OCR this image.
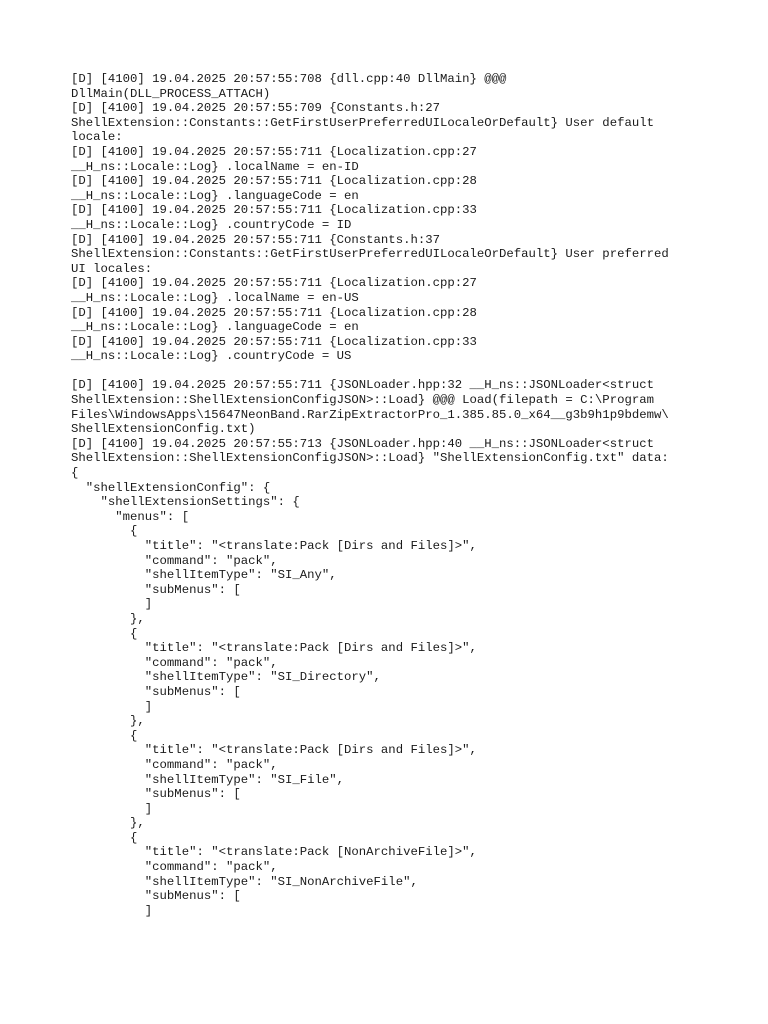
[D] [4100] 19.04.2025 20:57:55:708 {dll.cpp:40 DllMain} @@@
DllMain(DLL_PROCESS_ATTACH)
[D] [4100] 19.04.2025 20:57:55:709 {Constants.h:27
ShellExtension::Constants::GetFirstUserPreferredUILocaleOrDefault} User default
locale:
[D] [4100] 19.04.2025 20:57:55:711 {Localization.cpp:27
__H_ns::Locale::Log} .localName = en-ID
[D] [4100] 19.04.2025 20:57:55:711 {Localization.cpp:28
__H_ns::Locale::Log} .languageCode = en
[D] [4100] 19.04.2025 20:57:55:711 {Localization.cpp:33
__H_ns::Locale::Log} .countryCode = ID
[D] [4100] 19.04.2025 20:57:55:711 {Constants.h:37
ShellExtension::Constants::GetFirstUserPreferredUILocaleOrDefault} User preferred
UI locales:
[D] [4100] 19.04.2025 20:57:55:711 {Localization.cpp:27
__H_ns::Locale::Log} .localName = en-US
[D] [4100] 19.04.2025 20:57:55:711 {Localization.cpp:28
__H_ns::Locale::Log} .languageCode = en
[D] [4100] 19.04.2025 20:57:55:711 {Localization.cpp:33
__H_ns::Locale::Log} .countryCode = US
[D] [4100] 19.04.2025 20:57:55:711 {JSONLoader.hpp:32 __H_ns::JSONLoader<struct
ShellExtension::ShellExtensionConfigJSON>::Load} @@@ Load(filepath = C:\Program
Files\WindowsApps\15647NeonBand.RarZipExtractorPro_1.385.85.0_x64__g3b9h1p9bdemw\
ShellExtensionConfig.txt)
[D] [4100] 19.04.2025 20:57:55:713 {JSONLoader.hpp:40 __H_ns::JSONLoader<struct
ShellExtension::ShellExtensionConfigJSON>::Load} "ShellExtensionConfig.txt" data:
{
"shellExtensionConfig": {
"shellExtensionSettings": {
"menus": [
{
"title": "<translate:Pack [Dirs and Files]>",
"command": "pack",
"shellItemType": "SI_Any",
"subMenus": [
]
},
{
"title": "<translate:Pack [Dirs and Files]>",
"command": "pack",
"shellItemType": "SI_Directory",
"subMenus": [
]
},
{
"title": "<translate:Pack [Dirs and Files]>",
"command": "pack",
"shellItemType": "SI_File",
"subMenus": [
]
},
{
"title": "<translate:Pack [NonArchiveFile]>",
"command": "pack",
"shellItemType": "SI_NonArchiveFile",
"subMenus": [
]
